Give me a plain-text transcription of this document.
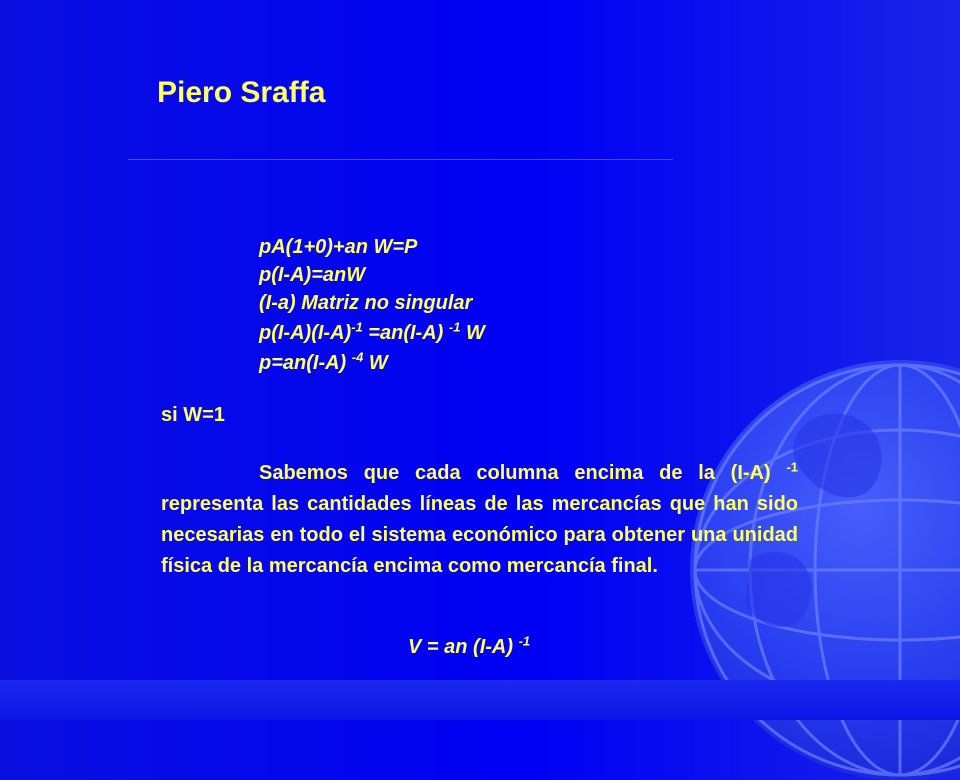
Piero Sraffa
pA(1+0)+an W=P
p(I-A)=anW
(I-a) Matriz no singular
$p(I-A)(I-A)^{-1} =an(I-A)$ $^{-1}$ W
p=an(I-A) $^{-4}$ W
si W=1

Sabemos que cada columna encima de la (I-A) $^{-1}$ representa las cantidades líneas de las mercancías que han sido necesarias en todo el sistema económico para obtener una unidad física de la mercancía encima como mercancía final.

V = an (I-A) $^{-1}$
